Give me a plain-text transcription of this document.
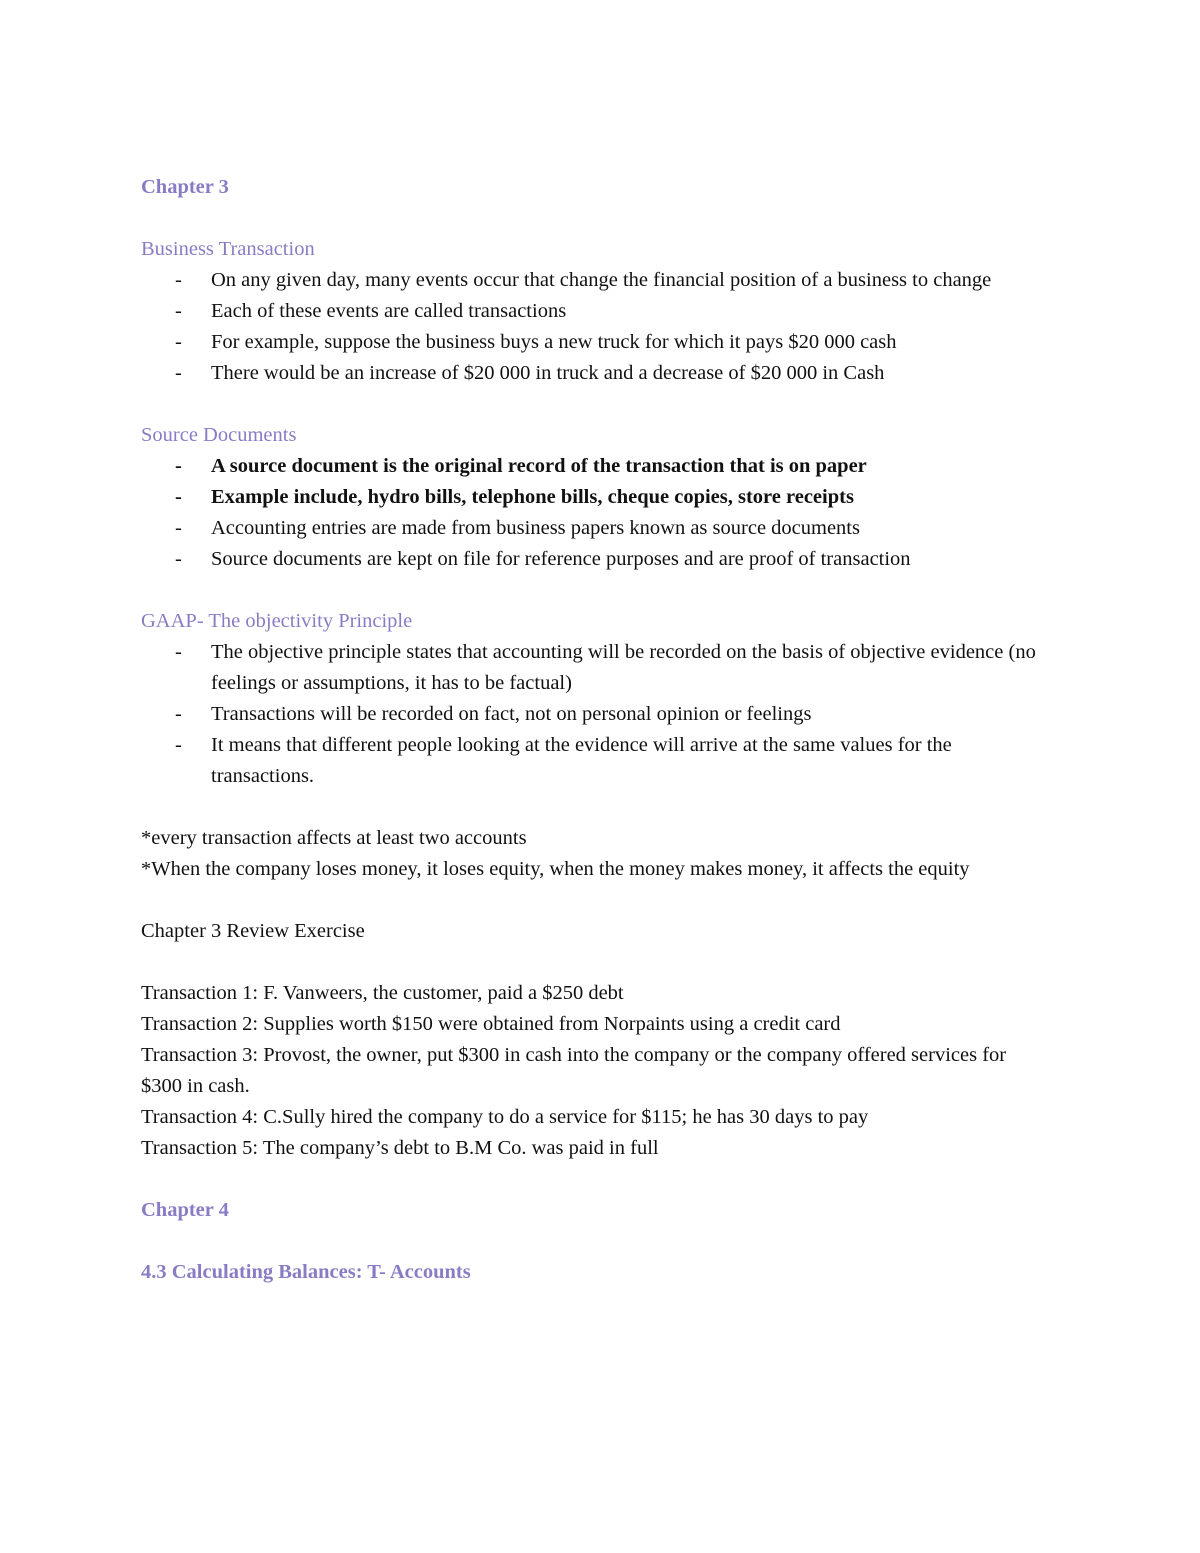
Chapter 3
Business Transaction
- On any given day, many events occur that change the financial position of a business to change
- Each of these events are called transactions
- For example, suppose the business buys a new truck for which it pays $20 000 cash
- There would be an increase of $20 000 in truck and a decrease of $20 000 in Cash
Source Documents
- A source document is the original record of the transaction that is on paper
- Example include, hydro bills, telephone bills, cheque copies, store receipts
- Accounting entries are made from business papers known as source documents
- Source documents are kept on file for reference purposes and are proof of transaction
GAAP- The objectivity Principle
- The objective principle states that accounting will be recorded on the basis of objective evidence (no feelings or assumptions, it has to be factual)
- Transactions will be recorded on fact, not on personal opinion or feelings
- It means that different people looking at the evidence will arrive at the same values for the transactions.

*every transaction affects at least two accounts

*When the company loses money, it loses equity, when the money makes money, it affects the equity

Chapter 3 Review Exercise

Transaction 1: F. Vanweers, the customer, paid a $250 debt

Transaction 2: Supplies worth $150 were obtained from Norpaints using a credit card

Transaction 3: Provost, the owner, put $300 in cash into the company or the company offered services for $300 in cash.

Transaction 4: C.Sully hired the company to do a service for $115; he has 30 days to pay

Transaction 5: The company’s debt to B.M Co. was paid in full

Chapter 4
4.3 Calculating Balances: T- Accounts
